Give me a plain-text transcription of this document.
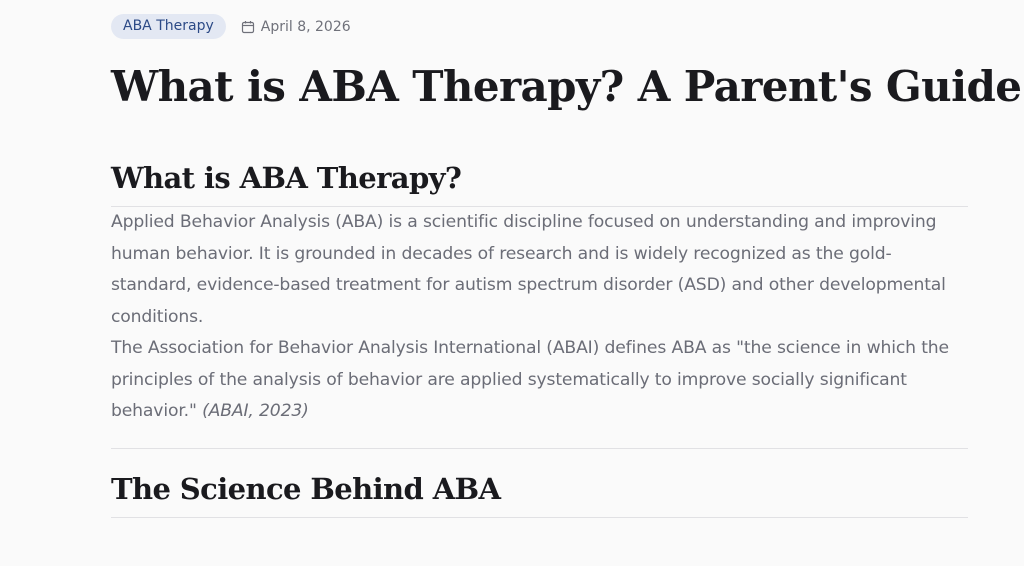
ABA Therapy	April 8, 2026
What is ABA Therapy? A Parent's Guide
What is ABA Therapy?

Applied Behavior Analysis (ABA) is a scientific discipline focused on understanding and improving human behavior. It is grounded in decades of research and is widely recognized as the gold-standard, evidence-based treatment for autism spectrum disorder (ASD) and other developmental conditions.

The Association for Behavior Analysis International (ABAI) defines ABA as "the science in which the principles of the analysis of behavior are applied systematically to improve socially significant behavior." (ABAI, 2023)

The Science Behind ABA
